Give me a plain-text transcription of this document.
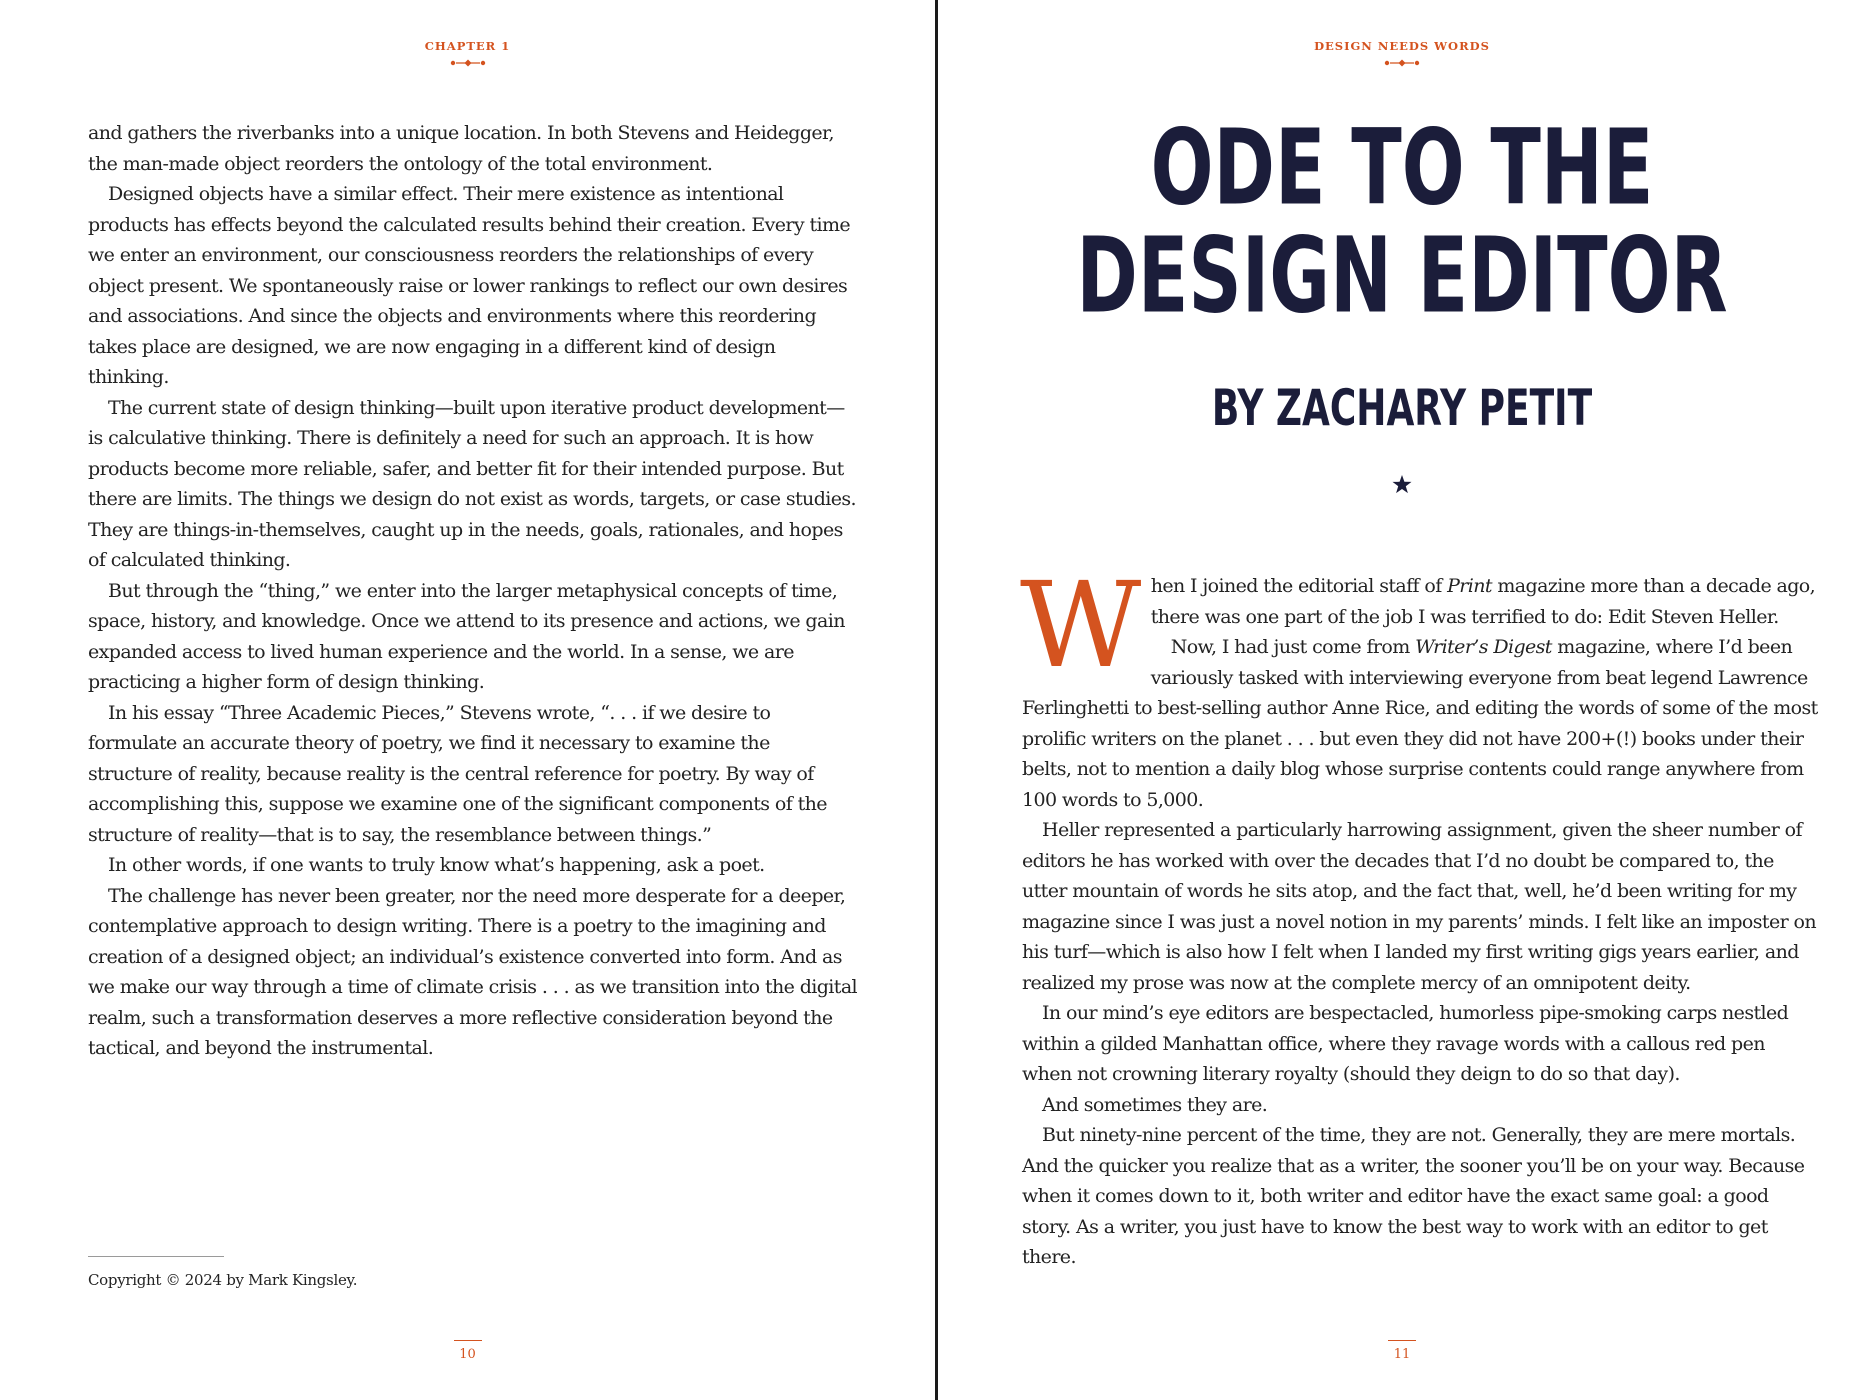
CHAPTER 1

and gathers the riverbanks into a unique location. In both Stevens and Heidegger, the man-made object reorders the ontology of the total environment.

Designed objects have a similar effect. Their mere existence as intentional products has effects beyond the calculated results behind their creation. Every time we enter an environment, our consciousness reorders the relationships of every object present. We spontaneously raise or lower rankings to reflect our own desires and associations. And since the objects and environments where this reordering takes place are designed, we are now engaging in a different kind of design thinking.

The current state of design thinking—built upon iterative product development—is calculative thinking. There is definitely a need for such an approach. It is how products become more reliable, safer, and better fit for their intended purpose. But there are limits. The things we design do not exist as words, targets, or case studies. They are things-in-themselves, caught up in the needs, goals, rationales, and hopes of calculated thinking.

But through the “thing,” we enter into the larger metaphysical concepts of time, space, history, and knowledge. Once we attend to its presence and actions, we gain expanded access to lived human experience and the world. In a sense, we are practicing a higher form of design thinking.

In his essay “Three Academic Pieces,” Stevens wrote, “. . . if we desire to formulate an accurate theory of poetry, we find it necessary to examine the structure of reality, because reality is the central reference for poetry. By way of accomplishing this, suppose we examine one of the significant components of the structure of reality—that is to say, the resemblance between things.”

In other words, if one wants to truly know what’s happening, ask a poet.

The challenge has never been greater, nor the need more desperate for a deeper, contemplative approach to design writing. There is a poetry to the imagining and creation of a designed object; an individual’s existence converted into form. And as we make our way through a time of climate crisis . . . as we transition into the digital realm, such a transformation deserves a more reflective consideration beyond the tactical, and beyond the instrumental.

Copyright © 2024 by Mark Kingsley.
10
DESIGN NEEDS WORDS
ODE TO THE
DESIGN EDITOR
BY ZACHARY PETIT

When I joined the editorial staff of Print magazine more than a decade ago, there was one part of the job I was terrified to do: Edit Steven Heller.

Now, I had just come from Writer’s Digest magazine, where I’d been variously tasked with interviewing everyone from beat legend Lawrence Ferlinghetti to best-selling author Anne Rice, and editing the words of some of the most prolific writers on the planet . . . but even they did not have 200+(!) books under their belts, not to mention a daily blog whose surprise contents could range anywhere from 100 words to 5,000.

Heller represented a particularly harrowing assignment, given the sheer number of editors he has worked with over the decades that I’d no doubt be compared to, the utter mountain of words he sits atop, and the fact that, well, he’d been writing for my magazine since I was just a novel notion in my parents’ minds. I felt like an imposter on his turf—which is also how I felt when I landed my first writing gigs years earlier, and realized my prose was now at the complete mercy of an omnipotent deity.

In our mind’s eye editors are bespectacled, humorless pipe-smoking carps nestled within a gilded Manhattan office, where they ravage words with a callous red pen when not crowning literary royalty (should they deign to do so that day).

And sometimes they are.

But ninety-nine percent of the time, they are not. Generally, they are mere mortals. And the quicker you realize that as a writer, the sooner you’ll be on your way. Because when it comes down to it, both writer and editor have the exact same goal: a good story. As a writer, you just have to know the best way to work with an editor to get there.

11
